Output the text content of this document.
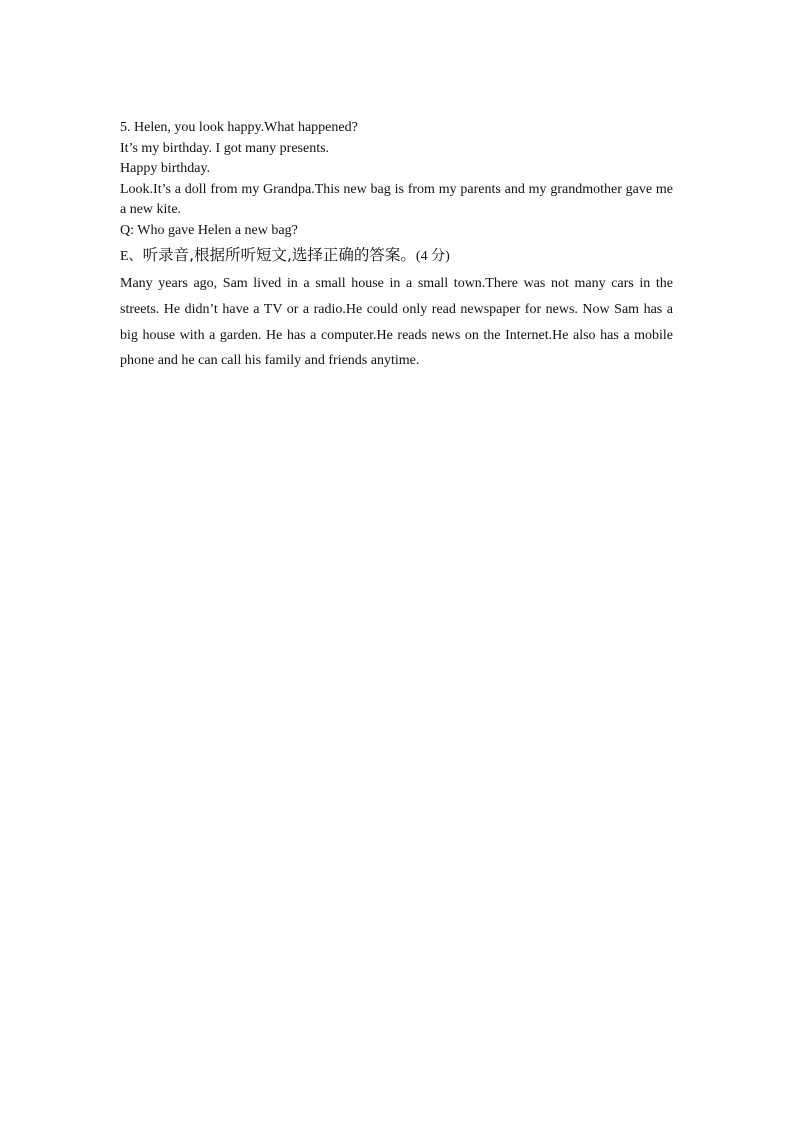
5. Helen, you look happy.What happened?

It’s my birthday. I got many presents.

Happy birthday.

Look.It’s a doll from my Grandpa.This new bag is from my parents and my grandmother gave me a new kite.

Q: Who gave Helen a new bag?

E、听录音,根据所听短文,选择正确的答案。(4 分)

Many years ago, Sam lived in a small house in a small town.There was not many cars in the streets. He didn’t have a TV or a radio.He could only read newspaper for news. Now Sam has a big house with a garden. He has a computer.He reads news on the Internet.He also has a mobile phone and he can call his family and friends anytime.
